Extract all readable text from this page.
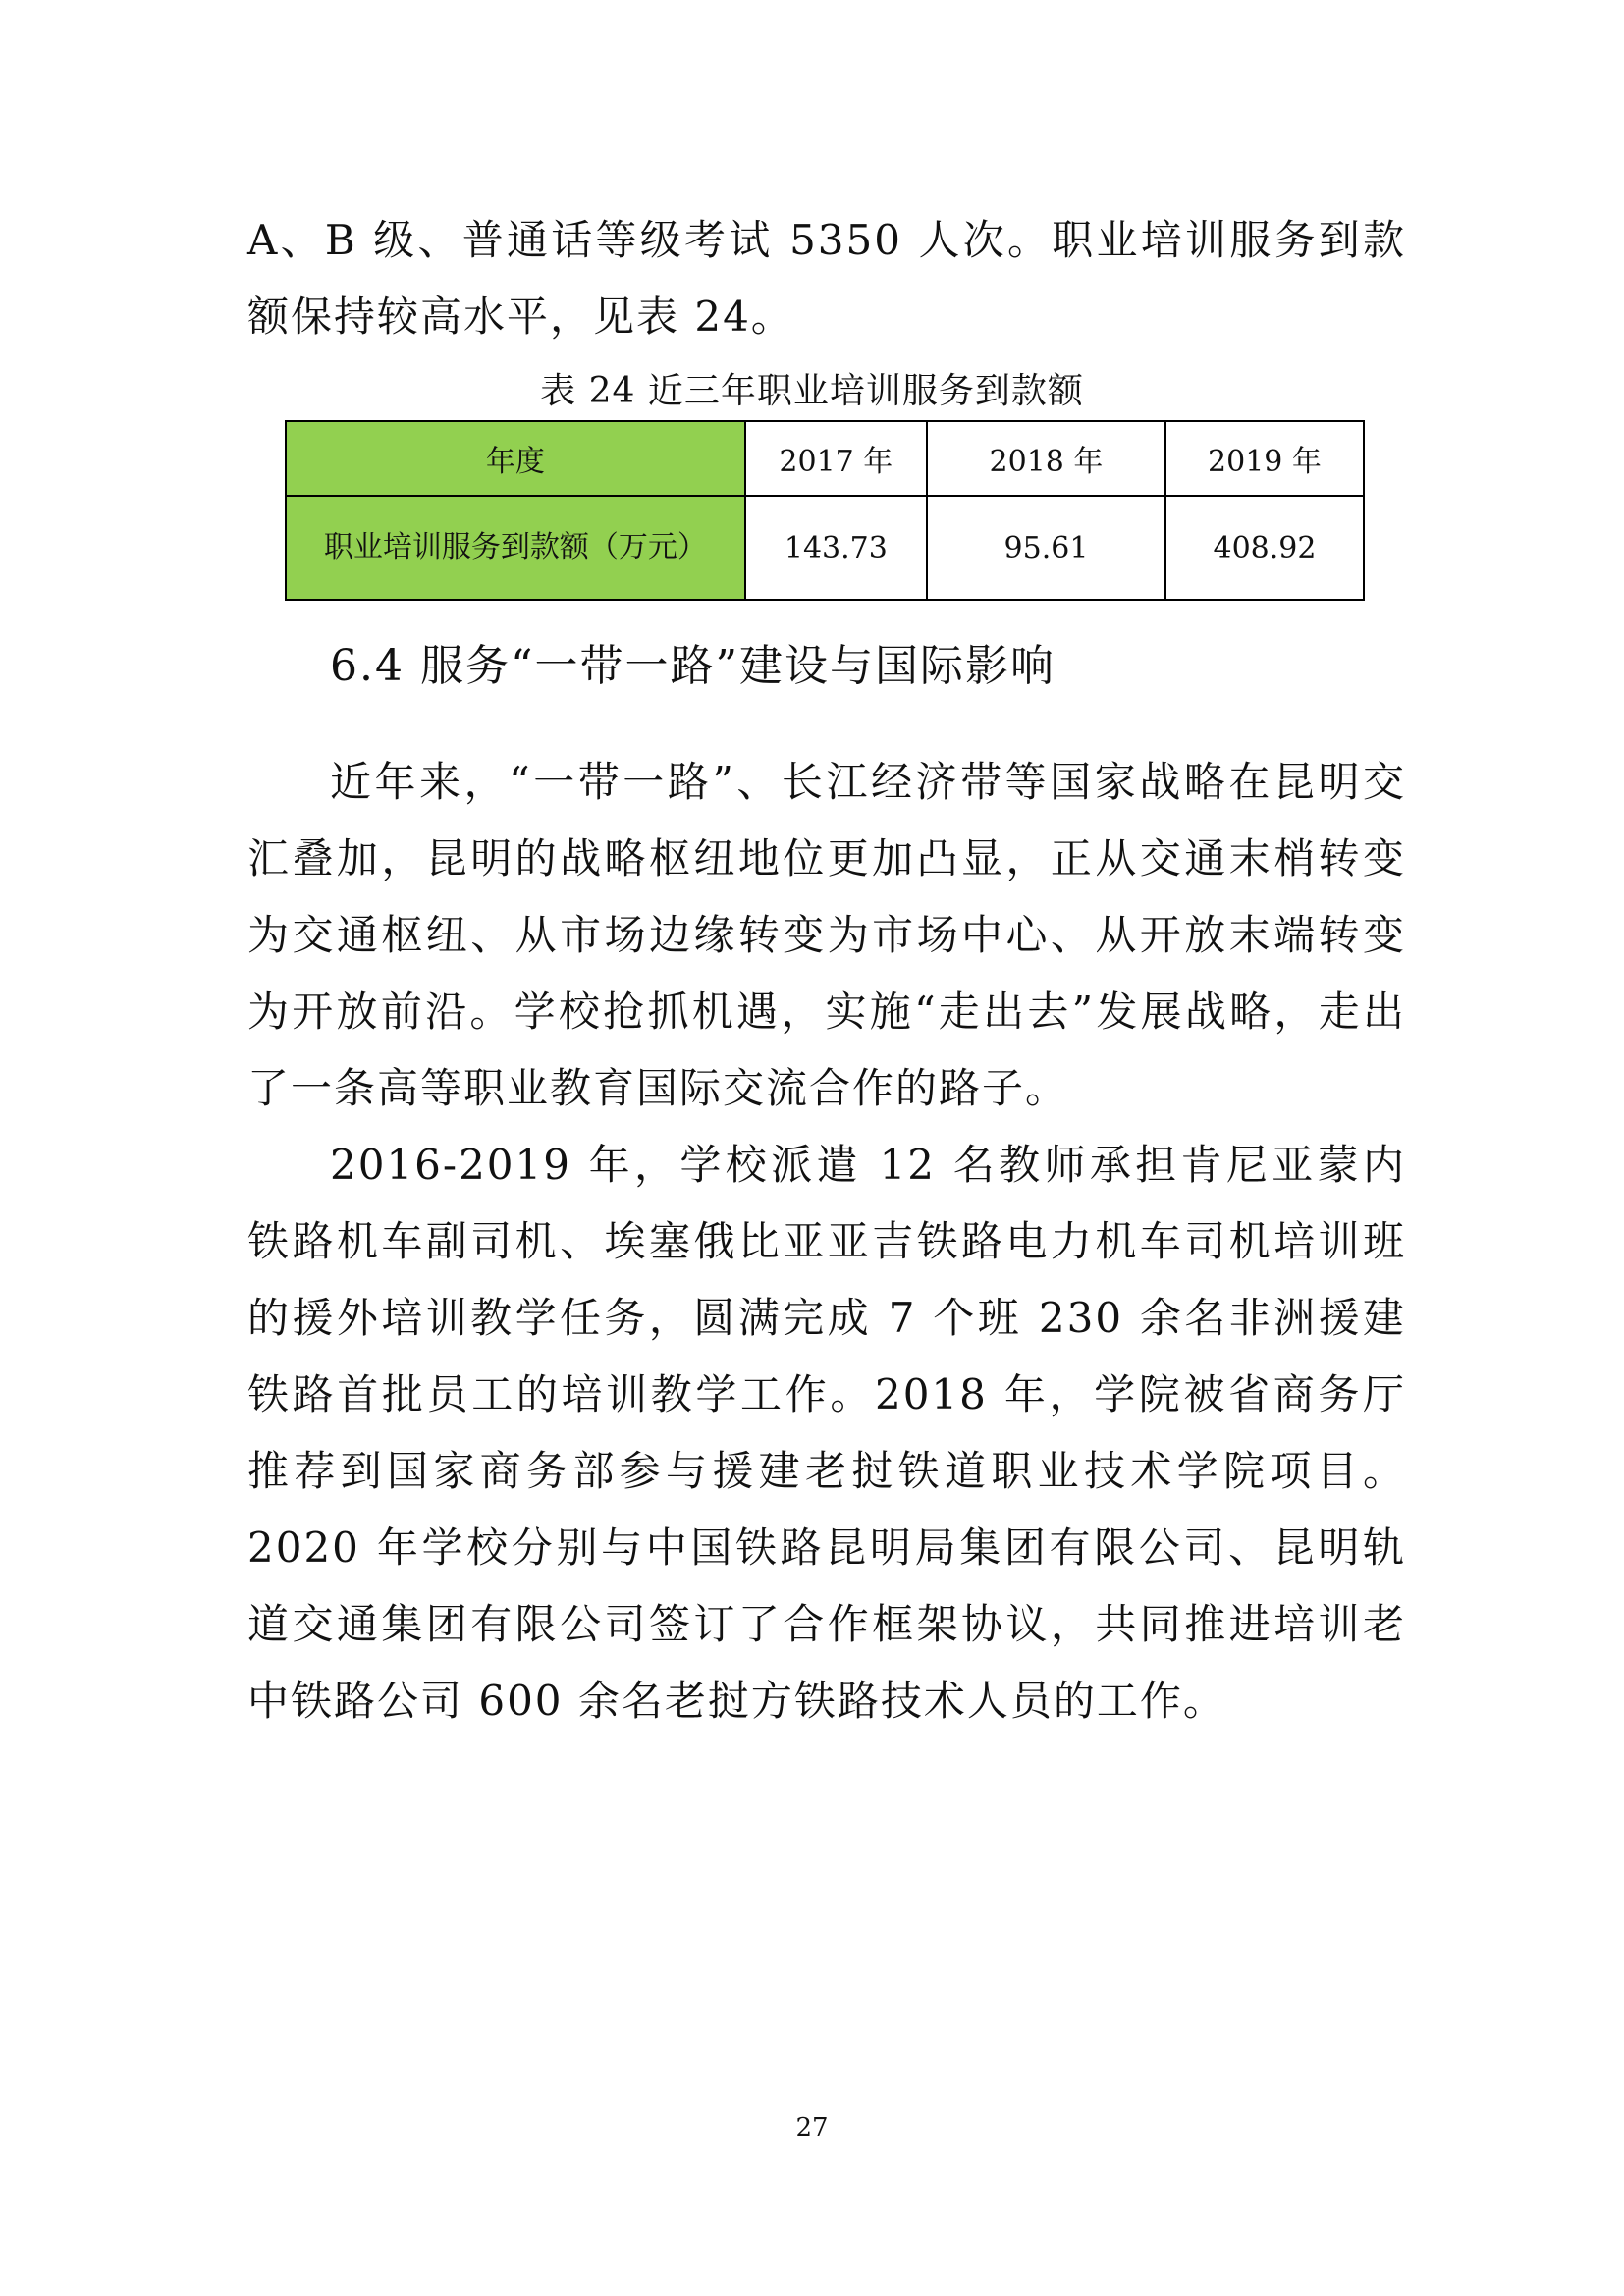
A、B 级、普通话等级考试 5350 人次。职业培训服务到款额保持较高水平，见表 24。

表 24 近三年职业培训服务到款额
年度	2017 年	2018 年	2019 年
职业培训服务到款额（万元）	143.73	95.61	408.92
6.4 服务“一带一路”建设与国际影响

近年来，“一带一路”、长江经济带等国家战略在昆明交汇叠加，昆明的战略枢纽地位更加凸显，正从交通末梢转变为交通枢纽、从市场边缘转变为市场中心、从开放末端转变为开放前沿。学校抢抓机遇，实施“走出去”发展战略，走出了一条高等职业教育国际交流合作的路子。

2016-2019 年，学校派遣 12 名教师承担肯尼亚蒙内铁路机车副司机、埃塞俄比亚亚吉铁路电力机车司机培训班的援外培训教学任务，圆满完成 7 个班 230 余名非洲援建铁路首批员工的培训教学工作。2018 年，学院被省商务厅推荐到国家商务部参与援建老挝铁道职业技术学院项目。2020 年学校分别与中国铁路昆明局集团有限公司、昆明轨道交通集团有限公司签订了合作框架协议，共同推进培训老中铁路公司 600 余名老挝方铁路技术人员的工作。

27
